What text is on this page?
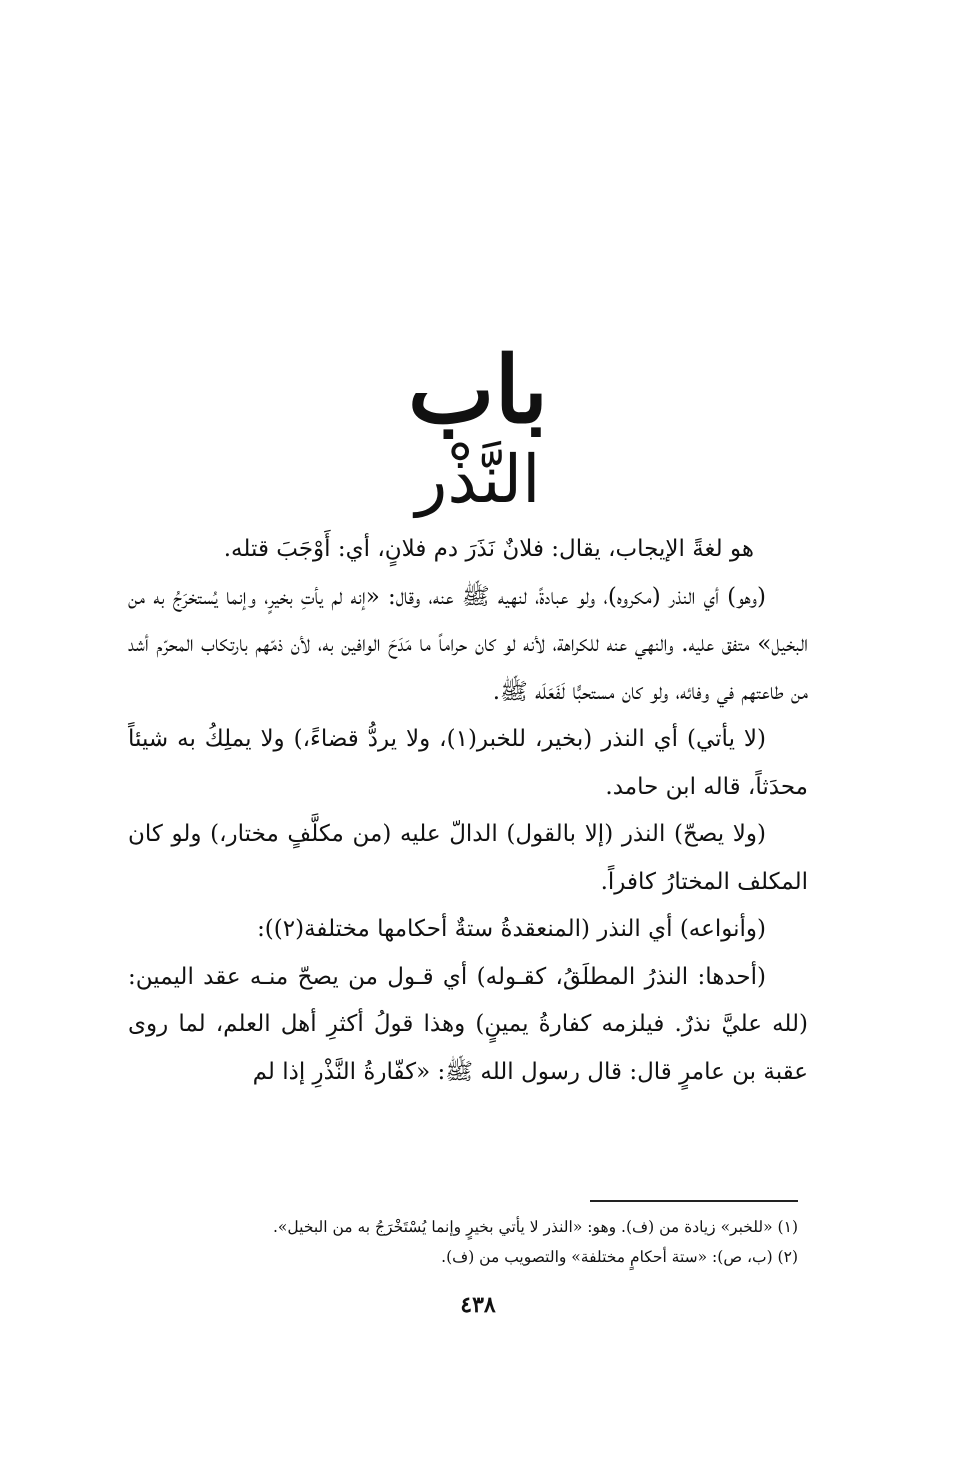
باب
النَّذْر

هو لغةً الإيجاب، يقال: فلانٌ نَذَرَ دم فلانٍ، أي: أَوْجَبَ قتله.

(وهو) أي النذر (مكروه)، ولو عبادةً، لنهيه ﷺ عنه، وقال: «إنه لم يأتِ بخيرٍ، وإنما يُستخرَجُ به من البخيل» متفق عليه. والنهي عنه للكراهة، لأنه لو كان حراماً ما مَدَحَ الوافين به، لأن ذمّهم بارتكاب المحرّم أشد من طاعتهم في وفائه، ولو كان مستحبًّا لَفَعَلَه ﷺ.

(لا يأتي) أي النذر (بخير، للخبر(١)، ولا يردُّ قضاءً،) ولا يملِكُ به شيئاً محدَثاً، قاله ابن حامد.

(ولا يصحّ) النذر (إلا بالقول) الدالّ عليه (من مكلَّفٍ مختار،) ولو كان المكلف المختارُ كافراً.

(وأنواعه) أي النذر (المنعقدةُ ستةٌ أحكامها مختلفة(٢)):

(أحدها: النذرُ المطلَقُ، كقـوله) أي قـول من يصحّ منـه عقد اليمين: (لله عليَّ نذرٌ. فيلزمه كفارةُ يمينٍ) وهذا قولُ أكثرِ أهل العلم، لما روى عقبة بن عامرٍ قال: قال رسول الله ﷺ: «كفّارةُ النَّذْرِ إذا لم

(١) «للخبر» زيادة من (ف). وهو: «النذر لا يأتي بخيرٍ وإنما يُسْتَخْرَجُ به من البخيل».

(٢) (ب، ص): «ستة أحكامٍ مختلفة» والتصويب من (ف).

٤٣٨
